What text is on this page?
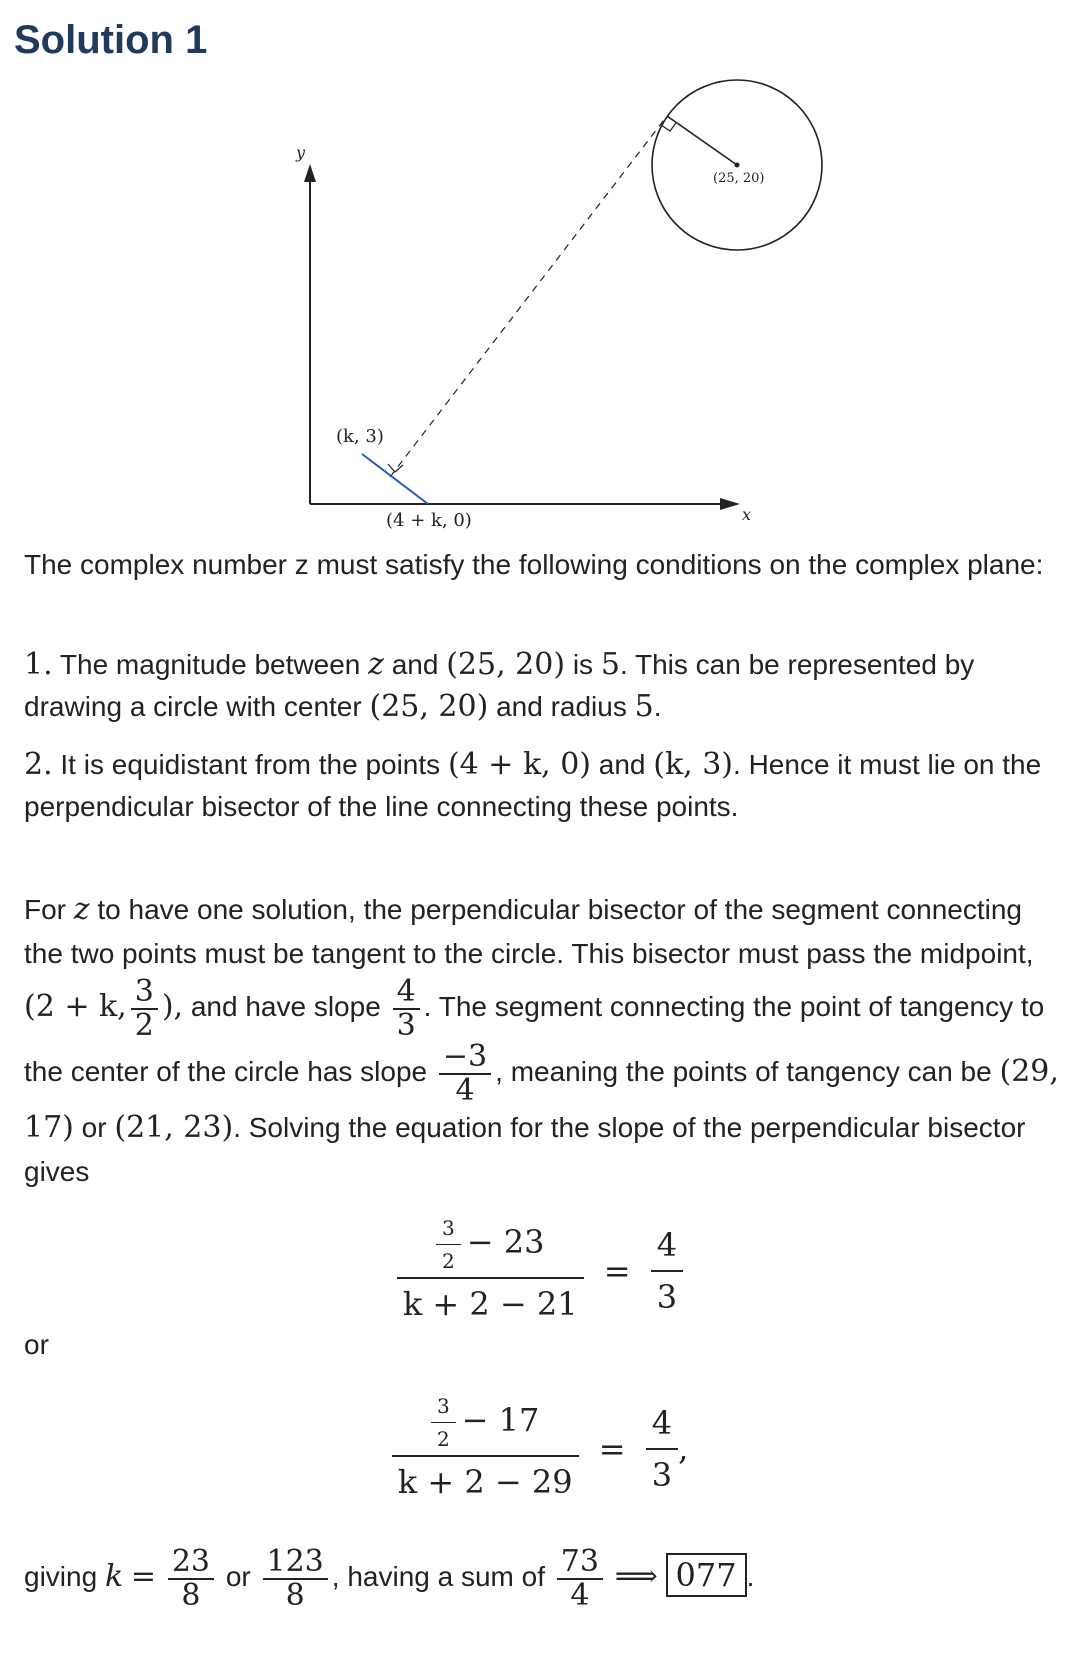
Solution 1
y
x
(25, 20)
(k, 3)
(4 + k, 0)
The complex number z must satisfy the following conditions on the complex plane:
1. The magnitude between z and (25, 20) is 5. This can be represented by drawing a circle with center (25, 20) and radius 5.
2. It is equidistant from the points (4 + k, 0) and (k, 3). Hence it must lie on the perpendicular bisector of the line connecting these points.
For z to have one solution, the perpendicular bisector of the segment connecting the two points must be tangent to the circle. This bisector must pass the midpoint, (2 + k, $\frac{3}{2}$ ), and have slope $\frac{4}{3}$ . The segment connecting the point of tangency to the center of the circle has slope $\frac{-3}{4}$ , meaning the points of tangency can be (29, 17) or (21, 23). Solving the equation for the slope of the perpendicular bisector gives
$\frac{\frac{3}{2} - 23}{k + 2 - 21} = \frac{4}{3}$
or
$\frac{\frac{3}{2} - 17}{k + 2 - 29} = \frac{4}{3}$ ,
giving $k = \frac{23}{8}$ or $\frac{123}{8}$ , having a sum of $\frac{73}{4}$ ⟹ 077 .
